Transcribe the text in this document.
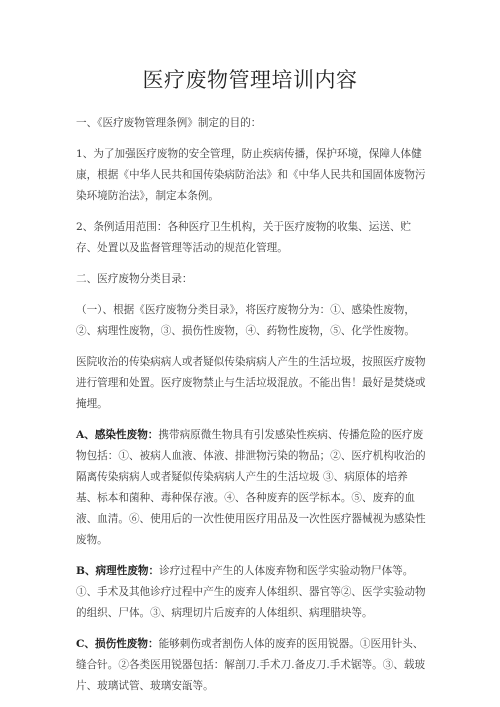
医疗废物管理培训内容

一、《医疗废物管理条例》制定的目的：

1、为了加强医疗废物的安全管理，防止疾病传播，保护环境，保障人体健康，根据《中华人民共和国传染病防治法》和《中华人民共和国固体废物污染环境防治法》，制定本条例。

2、条例适用范围：各种医疗卫生机构，关于医疗废物的收集、运送、贮存、处置以及监督管理等活动的规范化管理。

二、医疗废物分类目录：

（一）、根据《医疗废物分类目录》，将医疗废物分为：①、感染性废物，②、病理性废物，③、损伤性废物，④、药物性废物，⑤、化学性废物。

医院收治的传染病病人或者疑似传染病病人产生的生活垃圾，按照医疗废物进行管理和处置。医疗废物禁止与生活垃圾混放。不能出售！最好是焚烧或掩埋。

A、感染性废物：携带病原微生物具有引发感染性疾病、传播危险的医疗废物包括：①、被病人血液、体液、排泄物污染的物品；②、医疗机构收治的隔离传染病病人或者疑似传染病病人产生的生活垃圾 ③、病原体的培养基、标本和菌种、毒种保存液。④、各种废弃的医学标本。⑤、废弃的血液、血清。⑥、使用后的一次性使用医疗用品及一次性医疗器械视为感染性废物。

B、病理性废物：诊疗过程中产生的人体废弃物和医学实验动物尸体等。①、手术及其他诊疗过程中产生的废弃人体组织、器官等②、医学实验动物的组织、尸体。③、病理切片后废弃的人体组织、病理腊块等。

C、损伤性废物：能够刺伤或者割伤人体的废弃的医用锐器。①医用针头、缝合针。②各类医用锐器包括：解剖刀.手术刀.备皮刀.手术锯等。③、载玻片、玻璃试管、玻璃安瓿等。
